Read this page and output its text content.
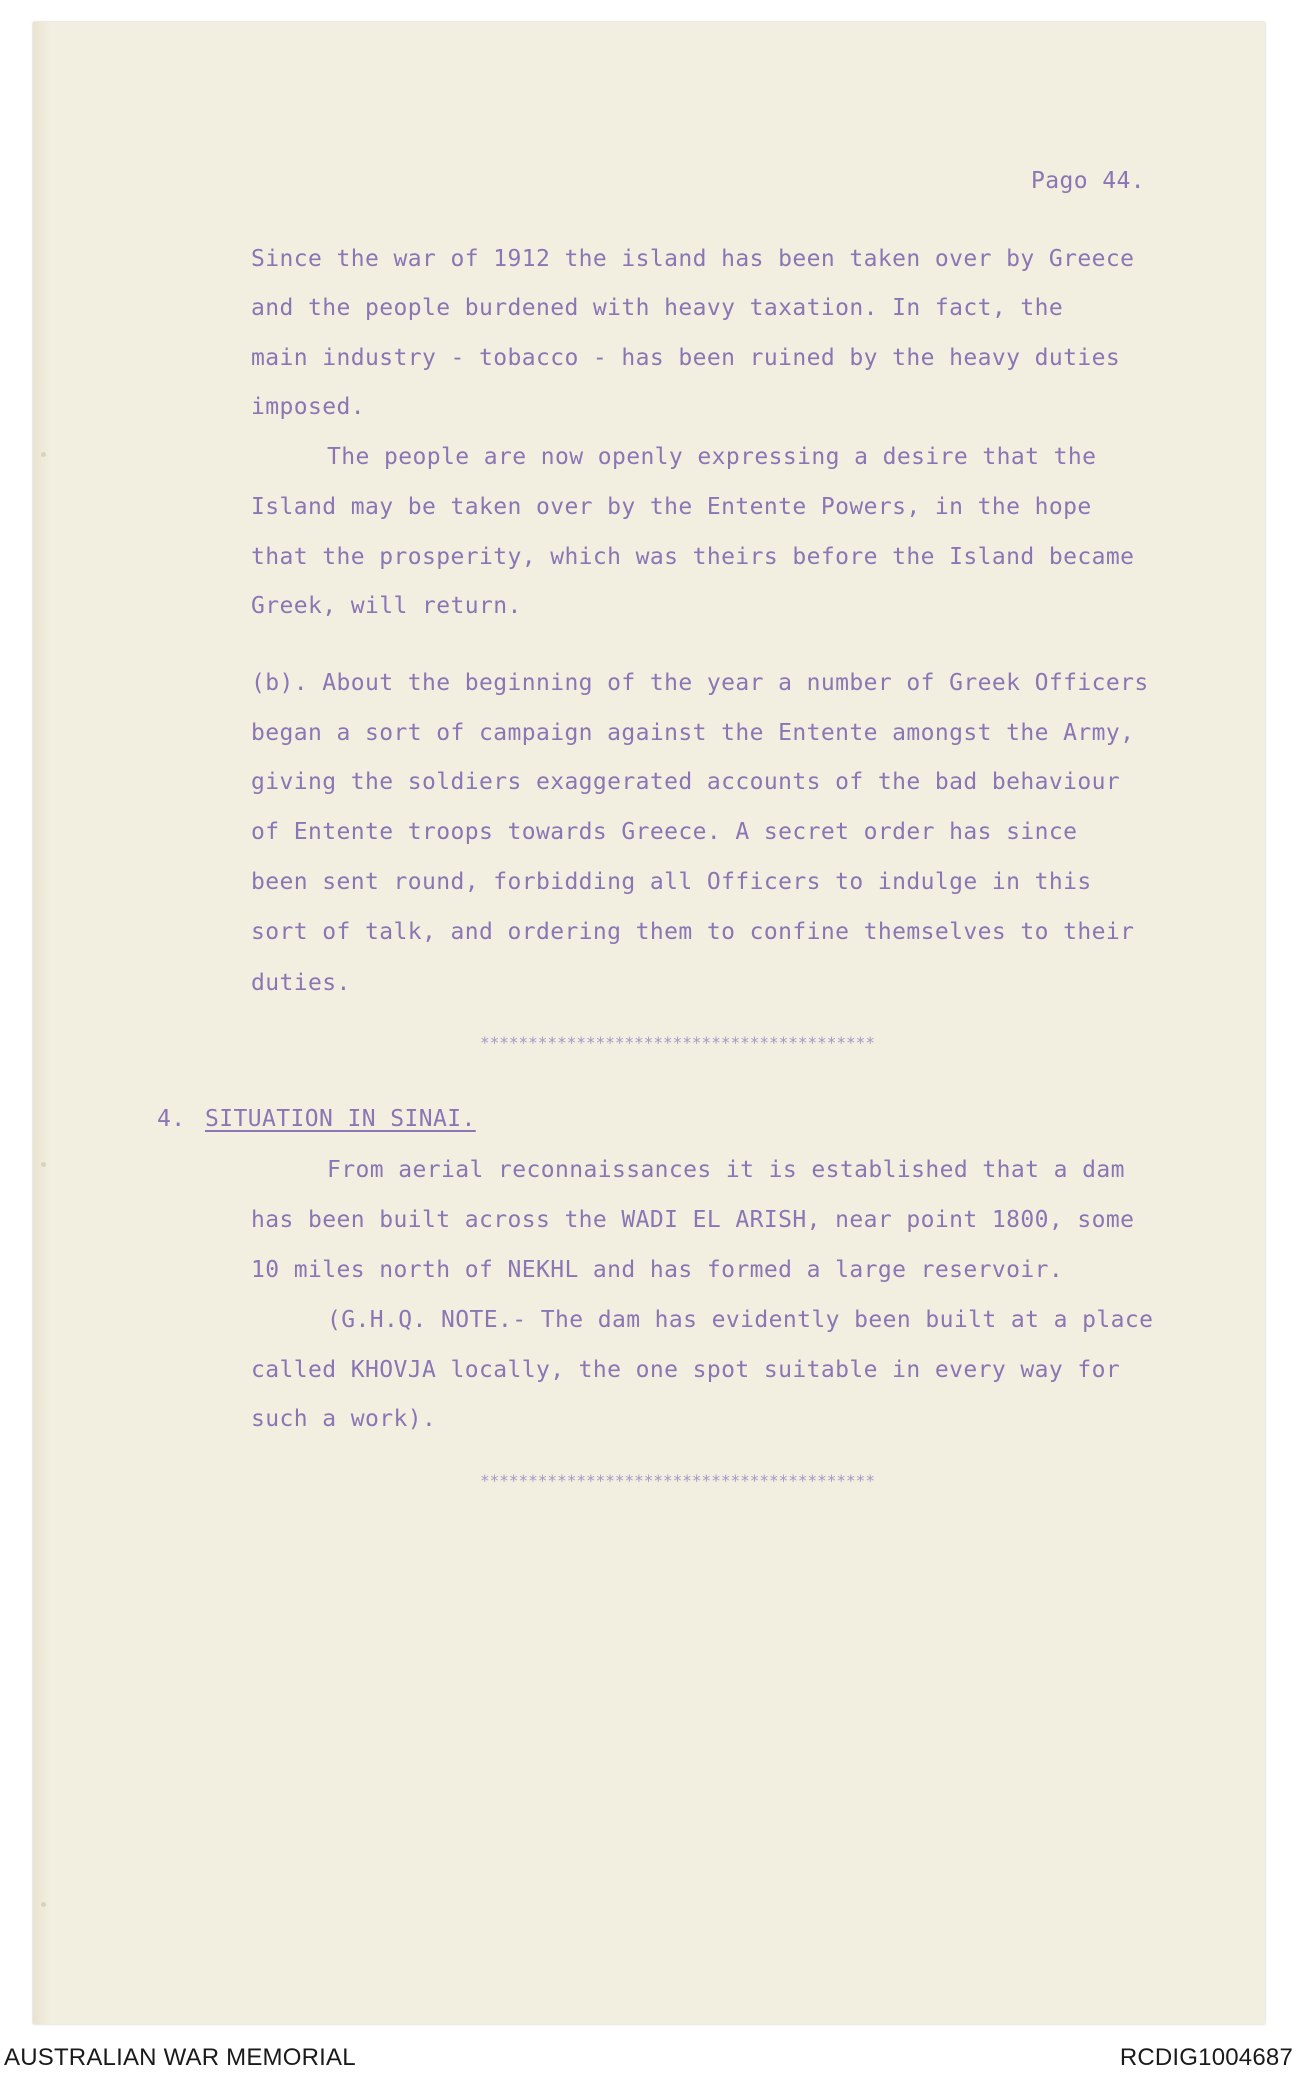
Pago 44.
Since the war of 1912 the island has been taken over by Greece
and the people burdened with heavy taxation. In fact, the
main industry - tobacco - has been ruined by the heavy duties
imposed.
The people are now openly expressing a desire that the
Island may be taken over by the Entente Powers, in the hope
that the prosperity, which was theirs before the Island became
Greek, will return.
(b). About the beginning of the year a number of Greek Officers
began a sort of campaign against the Entente amongst the Army,
giving the soldiers exaggerated accounts of the bad behaviour
of Entente troops towards Greece. A secret order has since
been sent round, forbidding all Officers to indulge in this
sort of talk, and ordering them to confine themselves to their
duties.
*****************************************
4. SITUATION IN SINAI.
From aerial reconnaissances it is established that a dam
has been built across the WADI EL ARISH, near point 1800, some
10 miles north of NEKHL and has formed a large reservoir.
(G.H.Q. NOTE.- The dam has evidently been built at a place
called KHOVJA locally, the one spot suitable in every way for
such a work).
*****************************************
AUSTRALIAN WAR MEMORIAL	RCDIG1004687
